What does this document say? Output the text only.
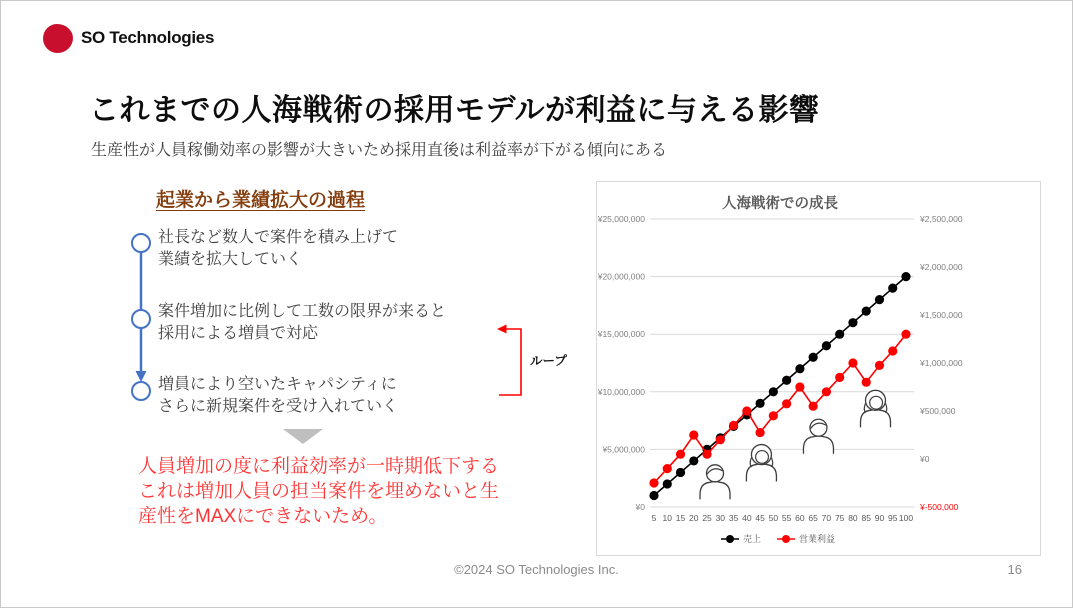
SO Technologies
これまでの人海戦術の採用モデルが利益に与える影響

生産性が人員稼働効率の影響が大きいため採用直後は利益率が下がる傾向にある

起業から業績拡大の過程
社長など数人で案件を積み上げて
業績を拡大していく
案件増加に比例して工数の限界が来ると
採用による増員で対応
増員により空いたキャパシティに
さらに新規案件を受け入れていく
ループ
人員増加の度に利益効率が一時期低下する
これは増加人員の担当案件を埋めないと生
産性をMAXにできないため。	¥0
¥5,000,000
¥10,000,000
¥15,000,000
¥20,000,000
¥25,000,000
¥-500,000
¥0
¥500,000
¥1,000,000
¥1,500,000
¥2,000,000
¥2,500,000
5 10 15 20 25 30 35 40 45 50 55 60 65 70 75 80 85 90 95 100
人海戦術での成長
売上	営業利益
©2024 SO Technologies Inc.	16
